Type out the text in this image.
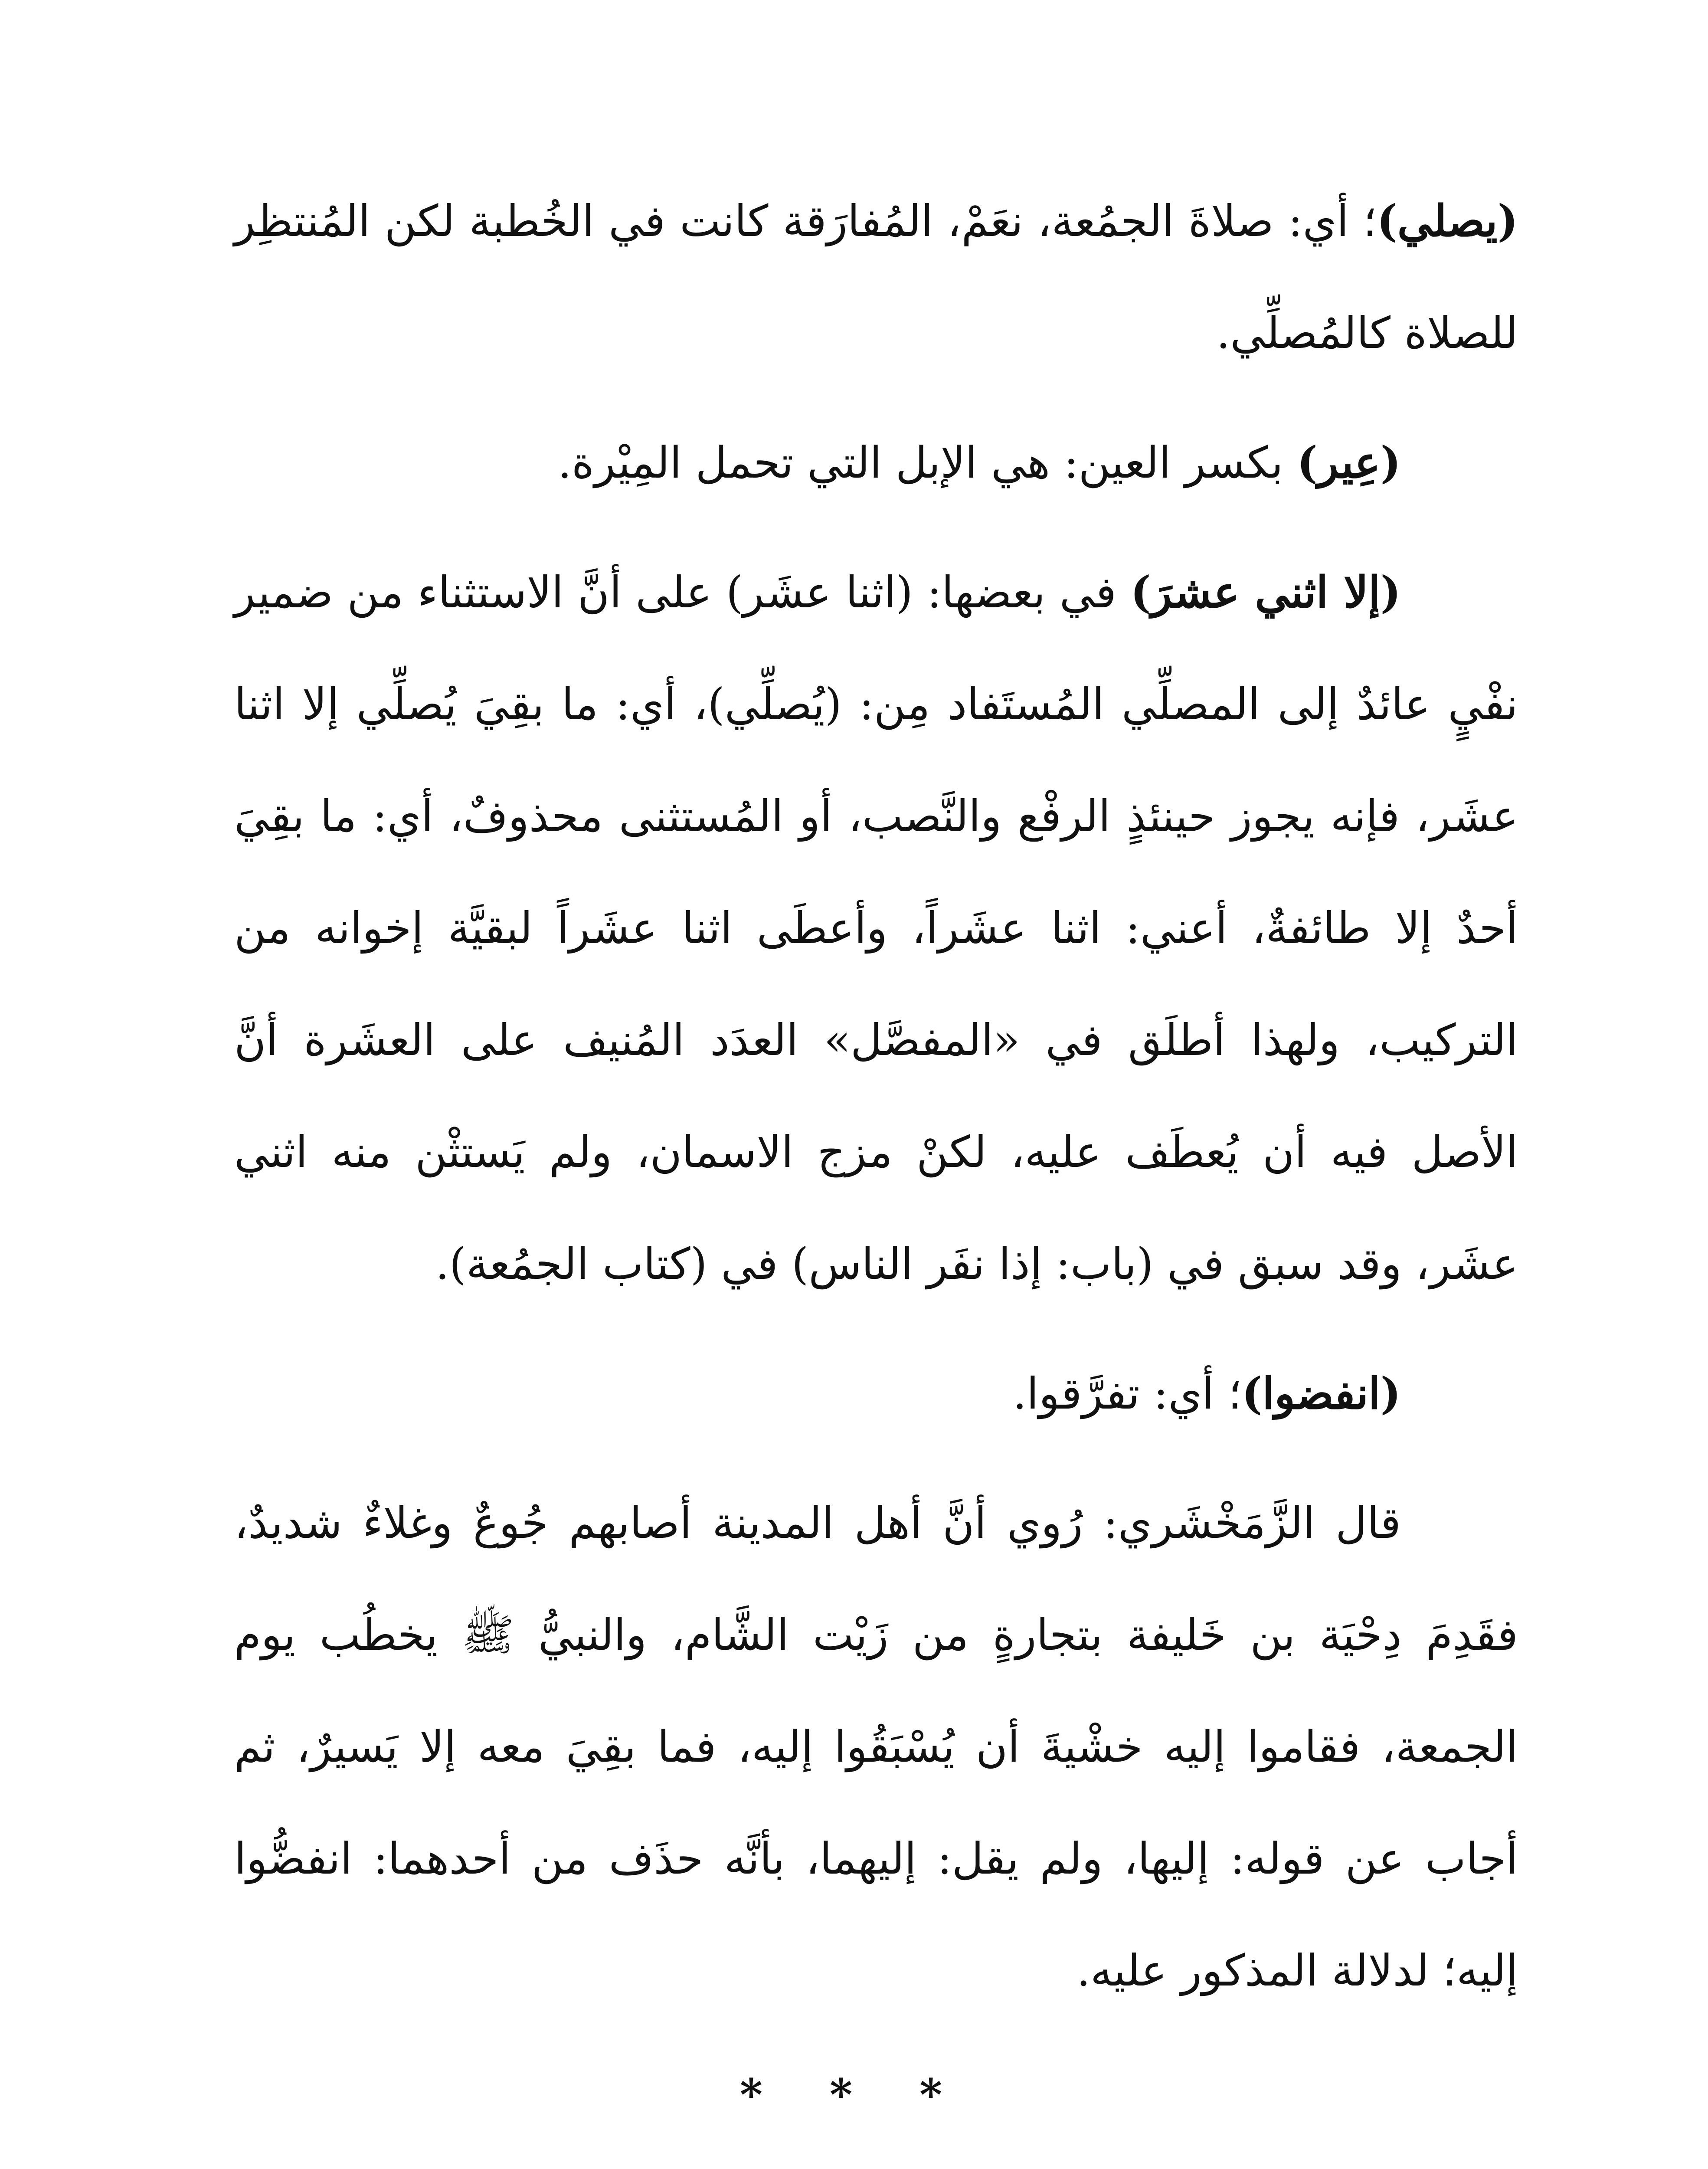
(يصلي)؛ أي: صلاةَ الجمُعة، نعَمْ، المُفارَقة كانت في الخُطبة لكن المُنتظِر للصلاة كالمُصلِّي.

(عِير) بكسر العين: هي الإبل التي تحمل المِيْرة.

(إلا اثني عشرَ) في بعضها: (اثنا عشَر) على أنَّ الاستثناء من ضمير نفْيٍ عائدٌ إلى المصلِّي المُستَفاد مِن: (يُصلِّي)، أي: ما بقِيَ يُصلِّي إلا اثنا عشَر، فإنه يجوز حينئذٍ الرفْع والنَّصب، أو المُستثنى محذوفٌ، أي: ما بقِيَ أحدٌ إلا طائفةٌ، أعني: اثنا عشَراً، وأعطَى اثنا عشَراً لبقيَّة إخوانه من التركيب، ولهذا أطلَق في «المفصَّل» العدَد المُنيف على العشَرة أنَّ الأصل فيه أن يُعطَف عليه، لكنْ مزج الاسمان، ولم يَستثْن منه اثني عشَر، وقد سبق في (باب: إذا نفَر الناس) في (كتاب الجمُعة).

(انفضوا)؛ أي: تفرَّقوا.

قال الزَّمَخْشَري: رُوي أنَّ أهل المدينة أصابهم جُوعٌ وغلاءٌ شديدٌ، فقَدِمَ دِحْيَة بن خَليفة بتجارةٍ من زَيْت الشَّام، والنبيُّ ﷺ يخطُب يوم الجمعة، فقاموا إليه خشْيةَ أن يُسْبَقُوا إليه، فما بقِيَ معه إلا يَسيرٌ، ثم أجاب عن قوله: إليها، ولم يقل: إليهما، بأنَّه حذَف من أحدهما: انفضُّوا إليه؛ لدلالة المذكور عليه.

* * *
